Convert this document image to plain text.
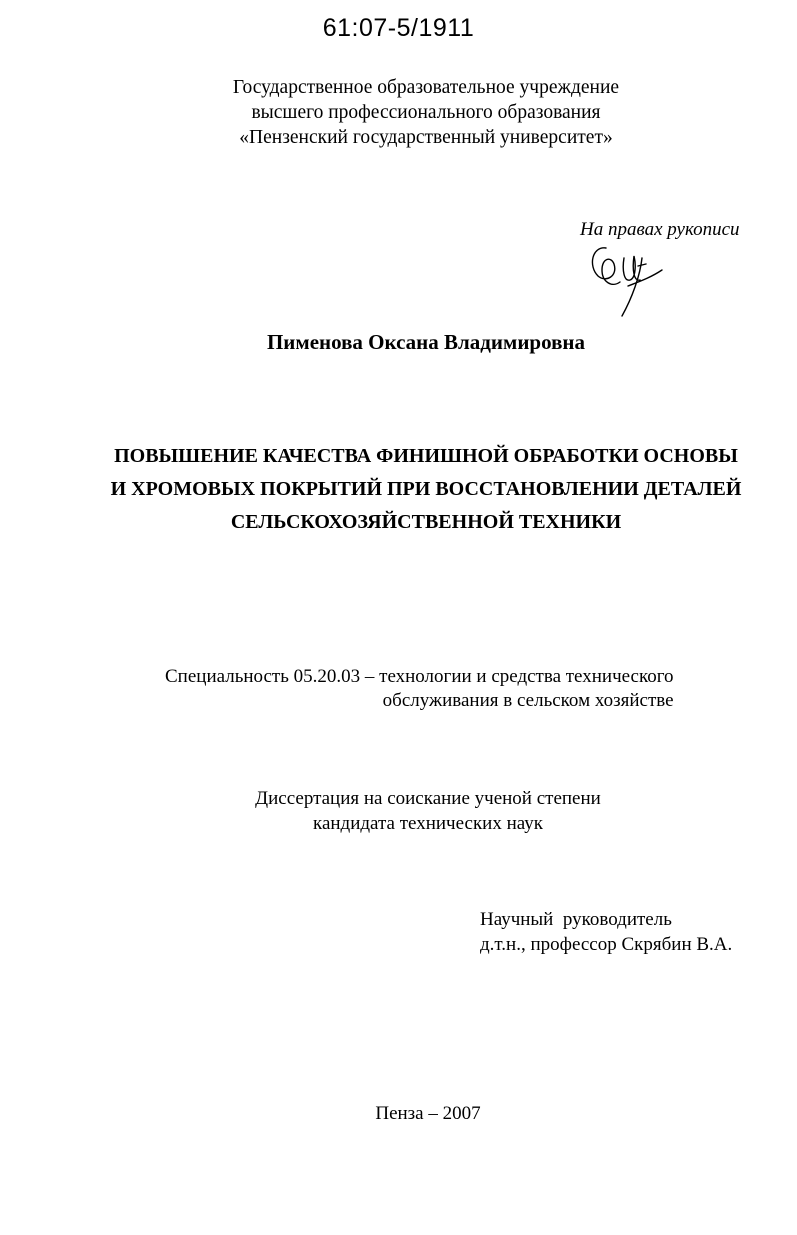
61:07-5/1911
Государственное образовательное учреждение
высшего профессионального образования
«Пензенский государственный университет»
На правах рукописи
Пименова Оксана Владимировна
ПОВЫШЕНИЕ КАЧЕСТВА ФИНИШНОЙ ОБРАБОТКИ ОСНОВЫ
И ХРОМОВЫХ ПОКРЫТИЙ ПРИ ВОССТАНОВЛЕНИИ ДЕТАЛЕЙ
СЕЛЬСКОХОЗЯЙСТВЕННОЙ ТЕХНИКИ
Специальность 05.20.03 – технологии и средства технического
обслуживания в сельском хозяйстве
Диссертация на соискание ученой степени
кандидата технических наук
Научный  руководитель
д.т.н., профессор Скрябин В.А.
Пенза – 2007
